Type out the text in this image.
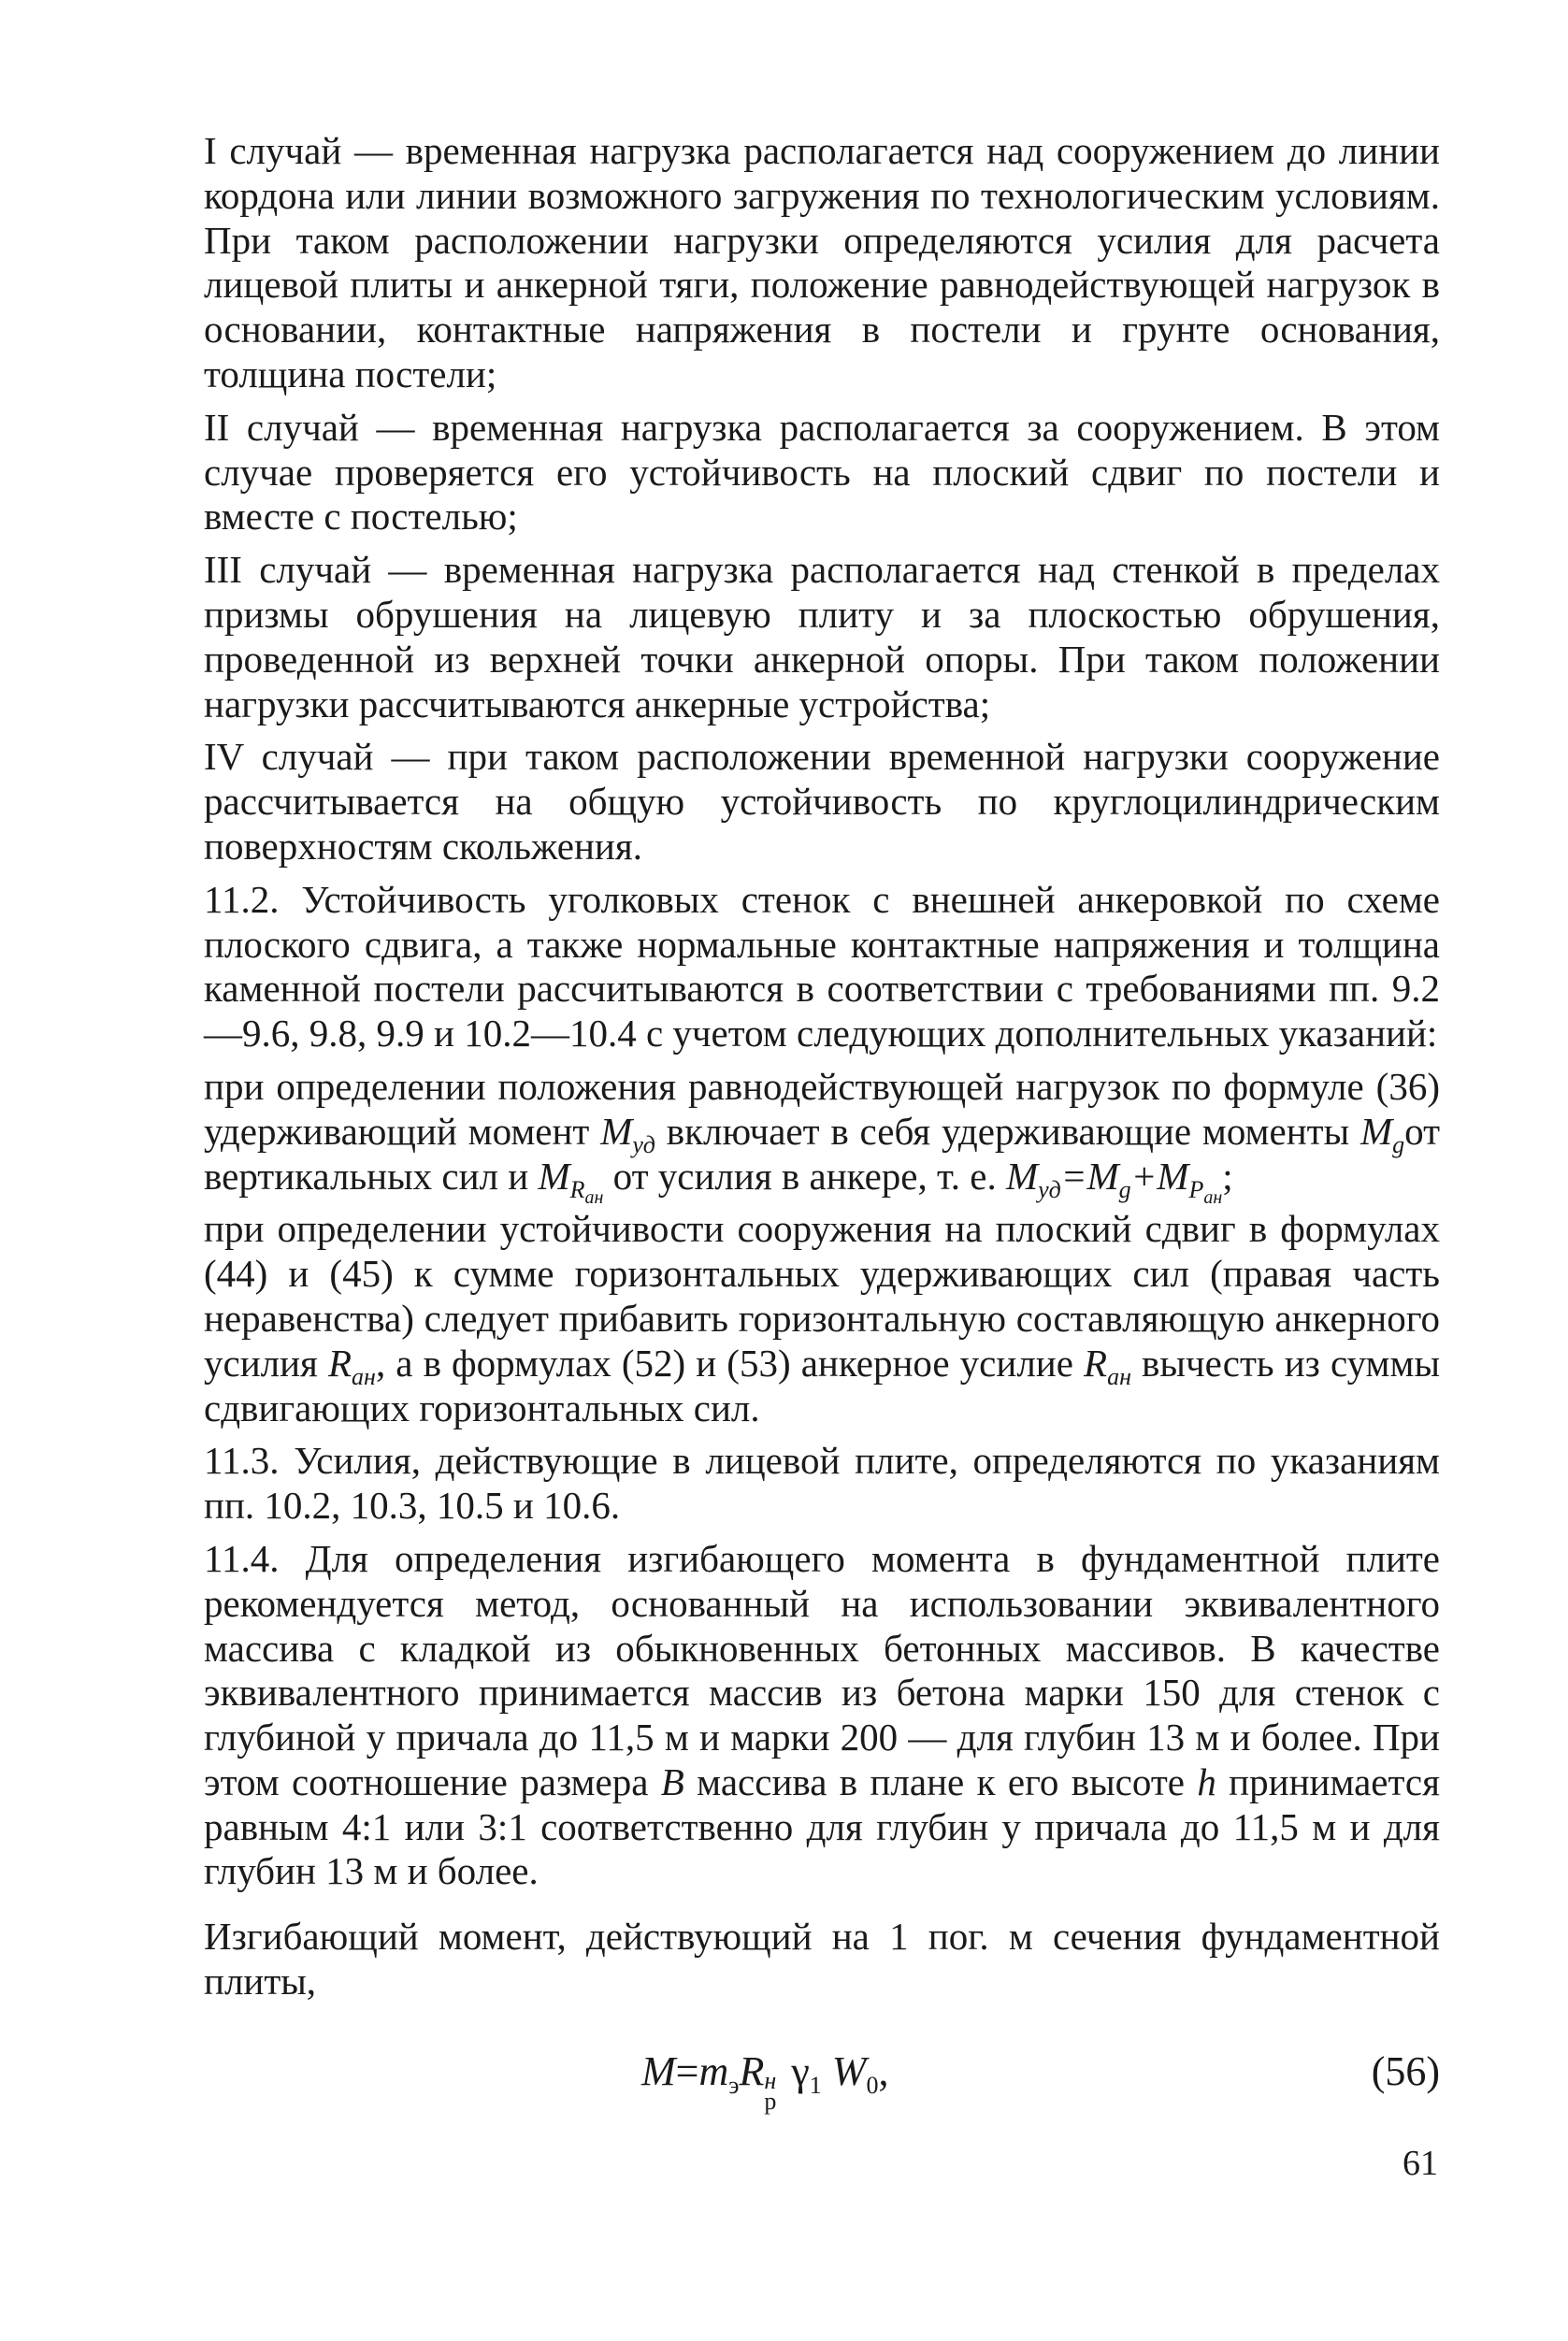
I случай — временная нагрузка располагается над сооружением до линии кордона или линии возможного загружения по технологическим условиям. При таком расположении нагрузки определяются усилия для расчета лицевой плиты и анкерной тяги, положение равнодействующей нагрузок в основании, контактные напряжения в постели и грунте основания, толщина постели;

II случай — временная нагрузка располагается за сооружением. В этом случае проверяется его устойчивость на плоский сдвиг по постели и вместе с постелью;

III случай — временная нагрузка располагается над стенкой в пределах призмы обрушения на лицевую плиту и за плоскостью обрушения, проведенной из верхней точки анкерной опоры. При таком положении нагрузки рассчитываются анкерные устройства;

IV случай — при таком расположении временной нагрузки сооружение рассчитывается на общую устойчивость по круглоцилиндрическим поверхностям скольжения.

11.2. Устойчивость уголковых стенок с внешней анкеровкой по схеме плоского сдвига, а также нормальные контактные напряжения и толщина каменной постели рассчитываются в соответствии с требованиями пп. 9.2—9.6, 9.8, 9.9 и 10.2—10.4 с учетом следующих дополнительных указаний:

при определении положения равнодействующей нагрузок по формуле (36) удерживающий момент $M_{уд}$ включает в себя удерживающие моменты $M_gот$ вертикальных сил и $M_{R_{ан}}$ от усилия в анкере, т. е. $M_{уд}=M_g+M_{P_{ан}}$;

при определении устойчивости сооружения на плоский сдвиг в формулах (44) и (45) к сумме горизонтальных удерживающих сил (правая часть неравенства) следует прибавить горизонтальную составляющую анкерного усилия $R_{ан}$, а в формулах (52) и (53) анкерное усилие $R_{ан}$ вычесть из суммы сдвигающих горизонтальных сил.

11.3. Усилия, действующие в лицевой плите, определяются по указаниям пп. 10.2, 10.3, 10.5 и 10.6.

11.4. Для определения изгибающего момента в фундаментной плите рекомендуется метод, основанный на использовании эквивалентного массива с кладкой из обыкновенных бетонных массивов. В качестве эквивалентного принимается массив из бетона марки 150 для стенок с глубиной у причала до 11,5 м и марки 200 — для глубин 13 м и более. При этом соотношение размера B массива в плане к его высоте h принимается равным 4:1 или 3:1 соответственно для глубин у причала до 11,5 м и для глубин 13 м и более.

Изгибающий момент, действующий на 1 пог. м сечения фундаментной плиты,

$M=m_эR$ н
р
$\gamma_1$ $W_0$,	(56)
61
